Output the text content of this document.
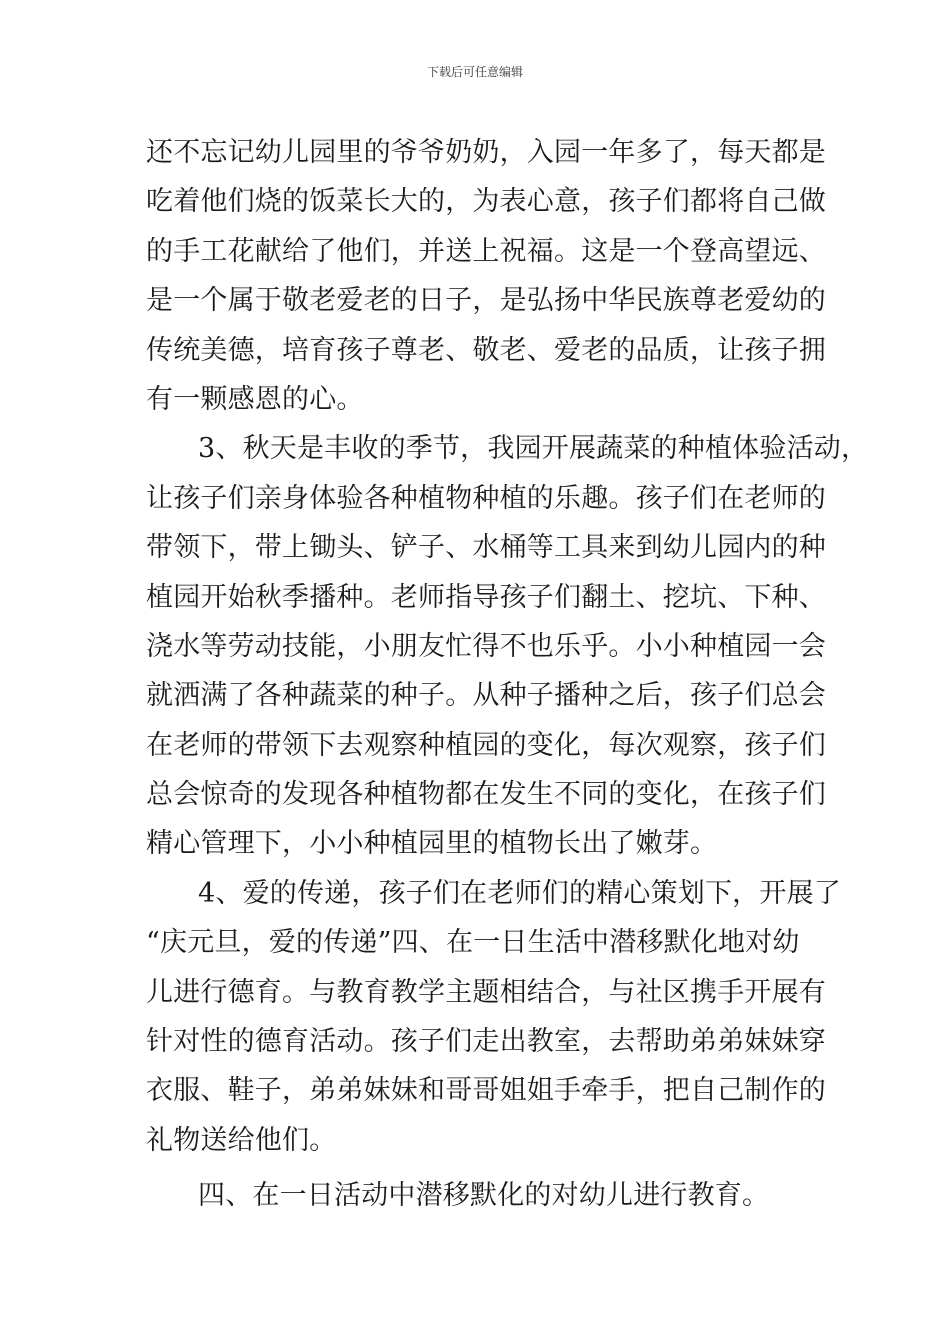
下载后可任意编辑
还不忘记幼儿园里的爷爷奶奶，入园一年多了，每天都是
吃着他们烧的饭菜长大的，为表心意，孩子们都将自己做
的手工花献给了他们，并送上祝福。这是一个登高望远、
是一个属于敬老爱老的日子，是弘扬中华民族尊老爱幼的
传统美德，培育孩子尊老、敬老、爱老的品质，让孩子拥
有一颗感恩的心。
3、秋天是丰收的季节，我园开展蔬菜的种植体验活动，
让孩子们亲身体验各种植物种植的乐趣。孩子们在老师的
带领下，带上锄头、铲子、水桶等工具来到幼儿园内的种
植园开始秋季播种。老师指导孩子们翻土、挖坑、下种、
浇水等劳动技能，小朋友忙得不也乐乎。小小种植园一会
就洒满了各种蔬菜的种子。从种子播种之后，孩子们总会
在老师的带领下去观察种植园的变化，每次观察，孩子们
总会惊奇的发现各种植物都在发生不同的变化，在孩子们
精心管理下，小小种植园里的植物长出了嫩芽。
4、爱的传递，孩子们在老师们的精心策划下，开展了
“庆元旦，爱的传递”四、在一日生活中潜移默化地对幼
儿进行德育。与教育教学主题相结合，与社区携手开展有
针对性的德育活动。孩子们走出教室，去帮助弟弟妹妹穿
衣服、鞋子，弟弟妹妹和哥哥姐姐手牵手，把自己制作的
礼物送给他们。
四、在一日活动中潜移默化的对幼儿进行教育。
